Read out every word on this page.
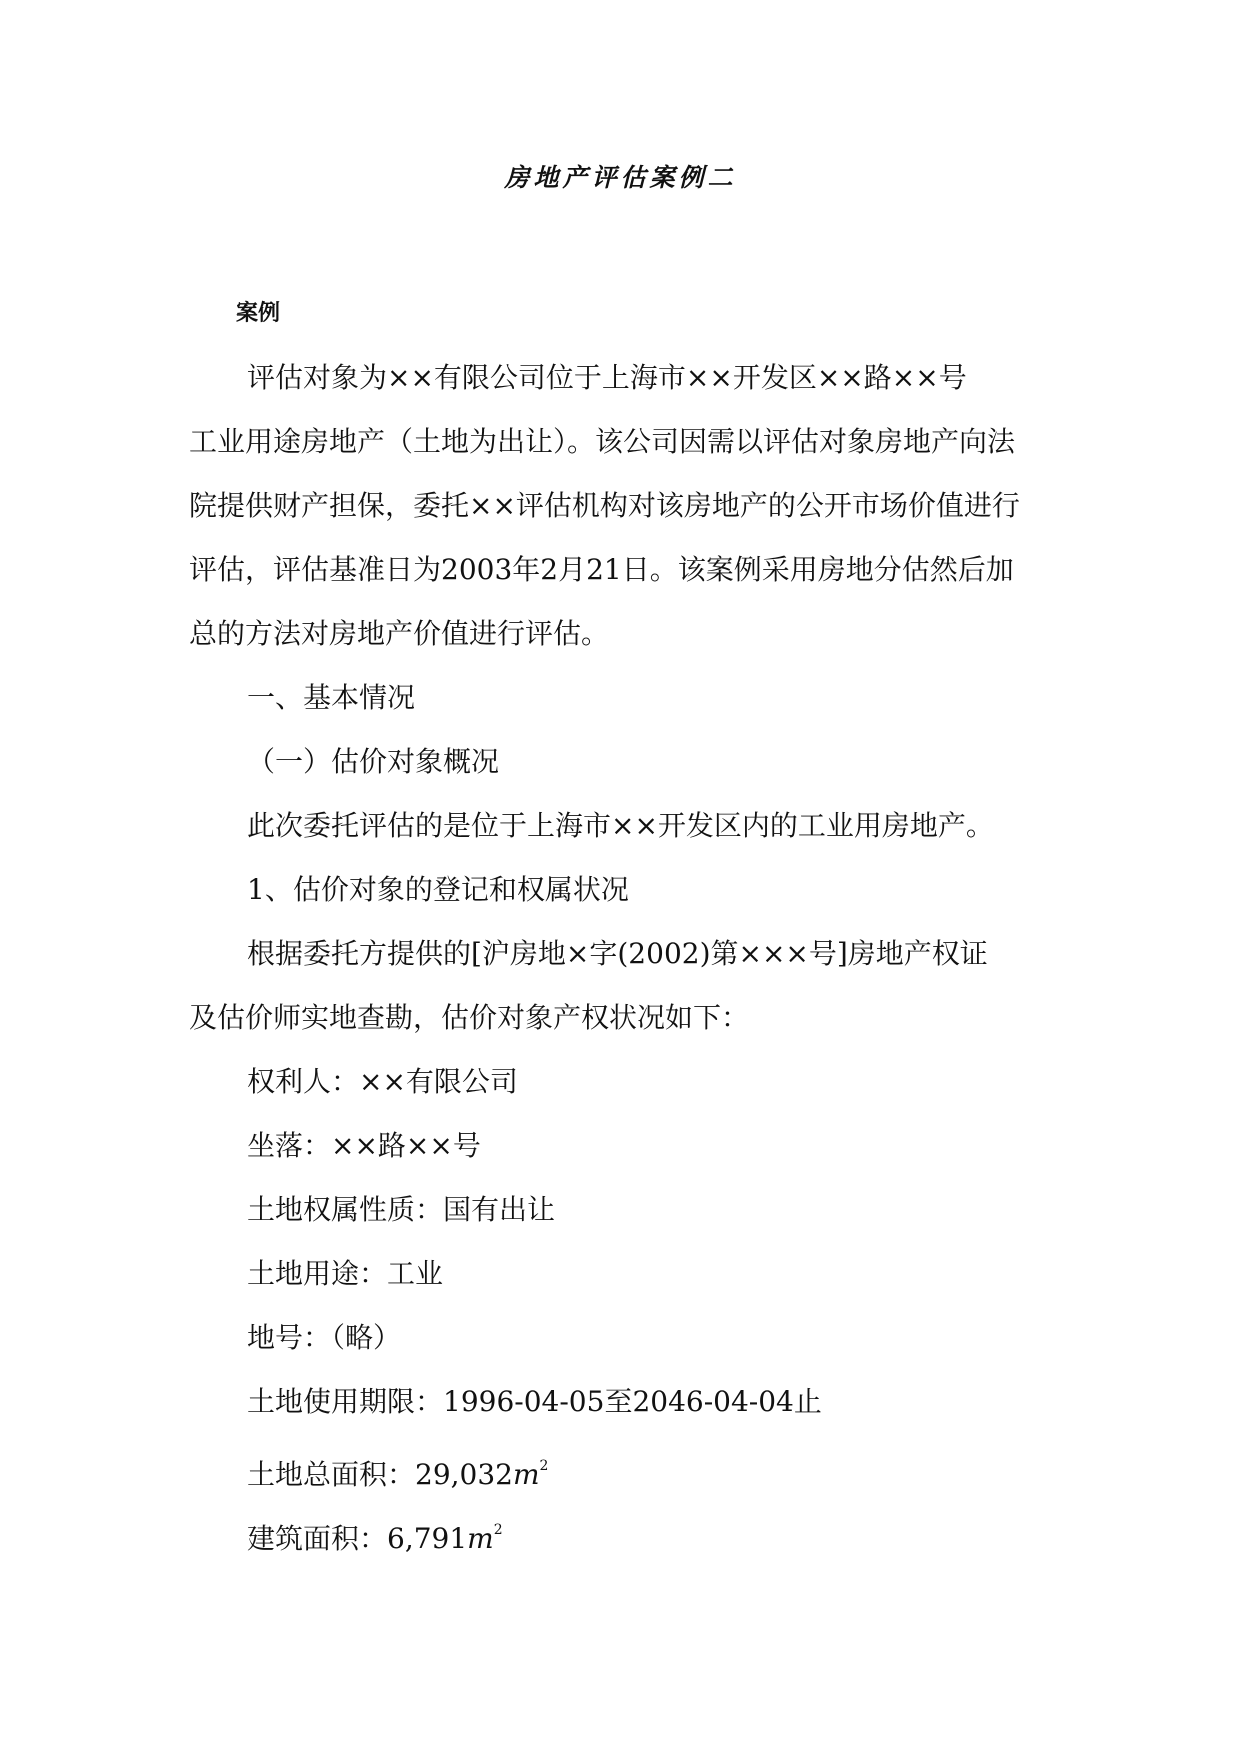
房地产评估案例二
案例
评估对象为××有限公司位于上海市××开发区××路××号
工业用途房地产（土地为出让）。该公司因需以评估对象房地产向法
院提供财产担保，委托××评估机构对该房地产的公开市场价值进行
评估，评估基准日为2003年2月21日。该案例采用房地分估然后加
总的方法对房地产价值进行评估。
一、基本情况
（一）估价对象概况
此次委托评估的是位于上海市××开发区内的工业用房地产。
1、估价对象的登记和权属状况
根据委托方提供的[沪房地×字(2002)第×××号]房地产权证
及估价师实地查勘，估价对象产权状况如下：
权利人：××有限公司
坐落：××路××号
土地权属性质：国有出让
土地用途：工业
地号：（略）
土地使用期限：1996-04-05至2046-04-04止
土地总面积：$29,032m^2$
建筑面积：$6,791m^2$
